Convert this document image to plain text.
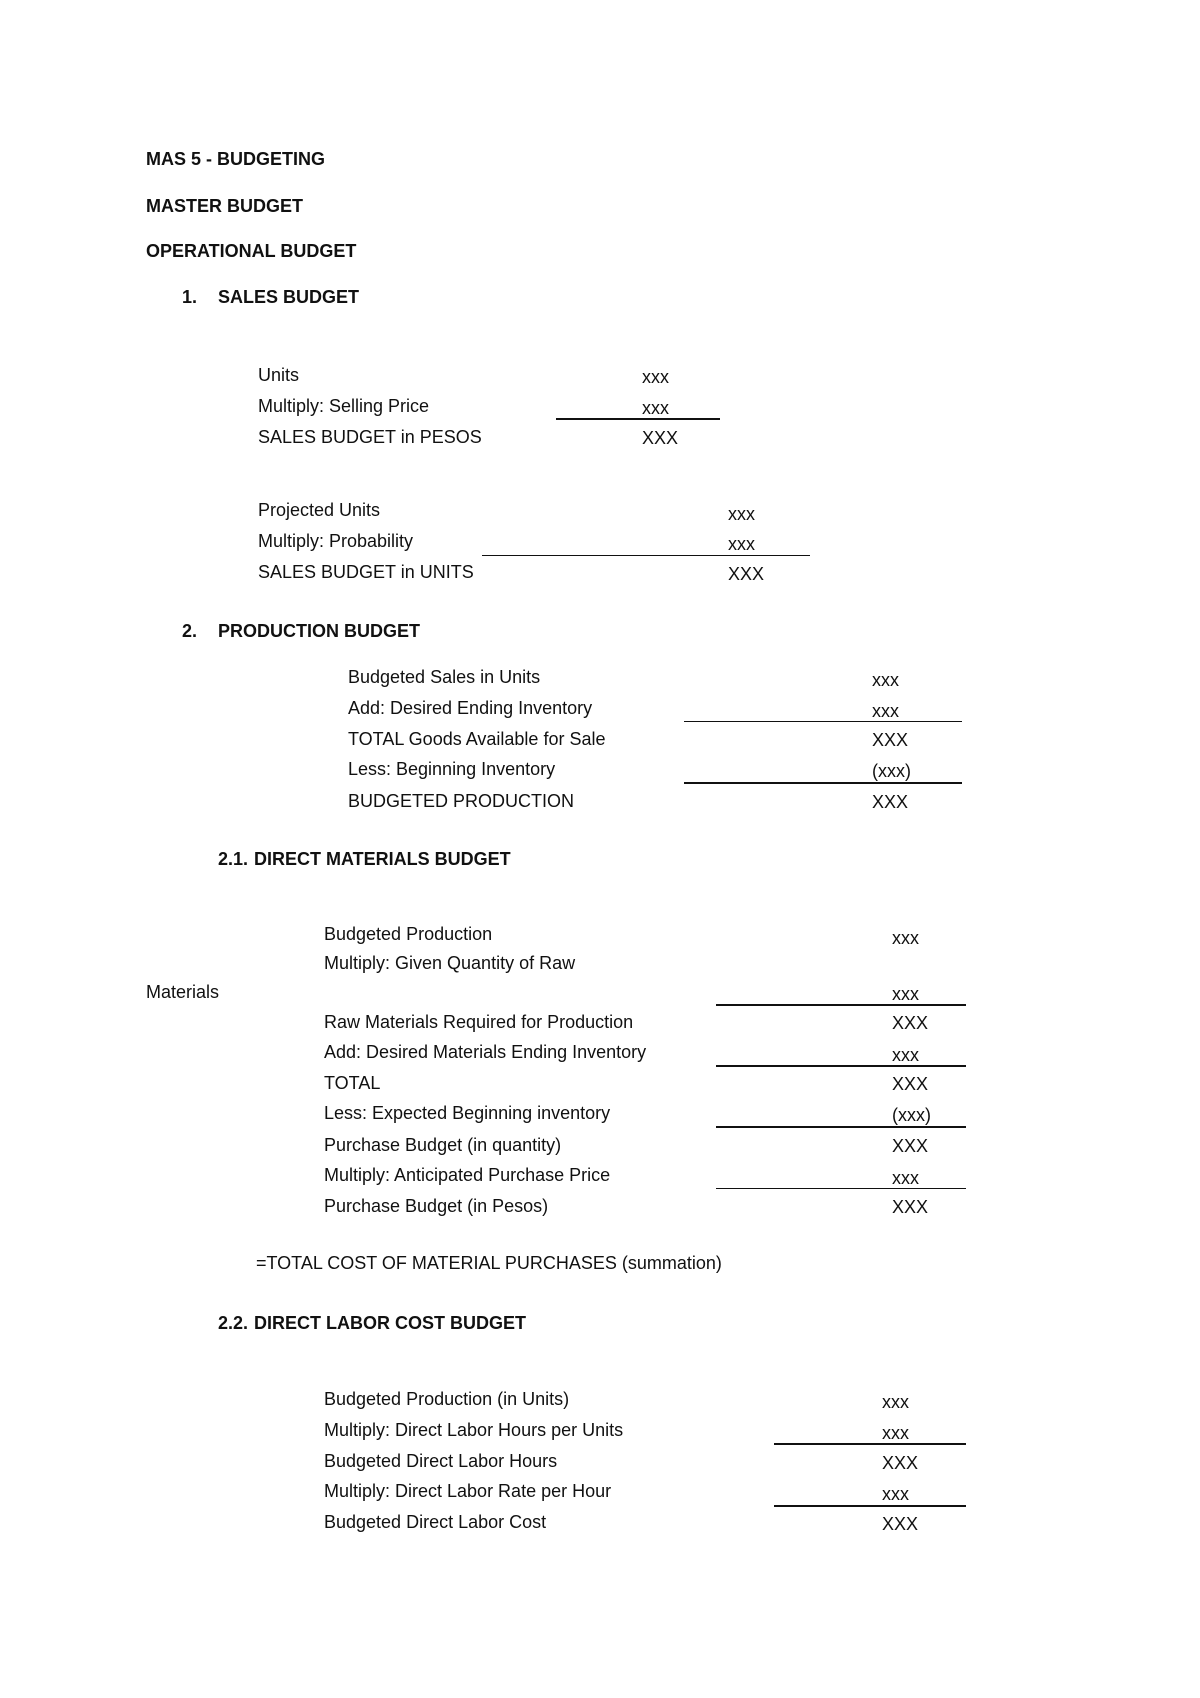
MAS 5 - BUDGETING
MASTER BUDGET
OPERATIONAL BUDGET
1. SALES BUDGET
Units	xxx
Multiply: Selling Price	xxx
SALES BUDGET in PESOS	XXX
Projected Units	xxx
Multiply: Probability	xxx
SALES BUDGET in UNITS	XXX
2. PRODUCTION BUDGET
Budgeted Sales in Units	xxx
Add: Desired Ending Inventory	xxx
TOTAL Goods Available for Sale	XXX
Less: Beginning Inventory	(xxx)
BUDGETED PRODUCTION	XXX
2.1. DIRECT MATERIALS BUDGET
Budgeted Production	xxx
Multiply: Given Quantity of Raw
Materials	xxx
Raw Materials Required for Production	XXX
Add: Desired Materials Ending Inventory	xxx
TOTAL	XXX
Less: Expected Beginning inventory	(xxx)
Purchase Budget (in quantity)	XXX
Multiply: Anticipated Purchase Price	xxx
Purchase Budget (in Pesos)	XXX
=TOTAL COST OF MATERIAL PURCHASES (summation)
2.2. DIRECT LABOR COST BUDGET
Budgeted Production (in Units)	xxx
Multiply: Direct Labor Hours per Units	xxx
Budgeted Direct Labor Hours	XXX
Multiply: Direct Labor Rate per Hour	xxx
Budgeted Direct Labor Cost	XXX
